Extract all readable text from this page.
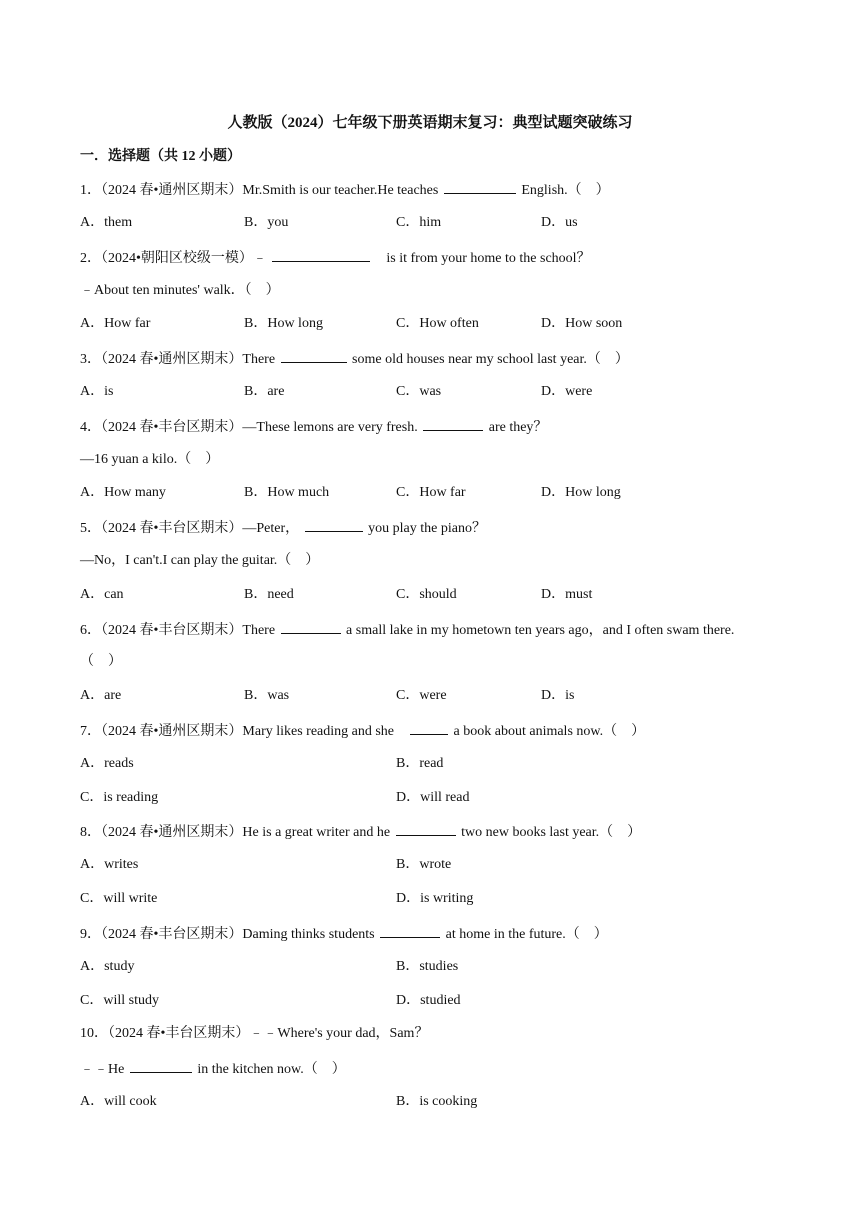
人教版（2024）七年级下册英语期末复习：典型试题突破练习
一．选择题（共 12 小题）
1．（2024 春•通州区期末）Mr.Smith is our teacher.He teaches	English.（　）
A．them	B．you	C．him	D．us
2．（2024•朝阳区校级一模）﹣	　is it from your home to the school？
﹣About ten minutes' walk．（　）
A．How far	B．How long	C．How often	D．How soon
3．（2024 春•通州区期末）There	some old houses near my school last year.（　）
A．is	B．are	C．was	D．were
4．（2024 春•丰台区期末）—These lemons are very fresh.	are they？
—16 yuan a kilo.（　）
A．How many	B．How much	C．How far	D．How long
5．（2024 春•丰台区期末）—Peter，	you play the piano？
—No，I can't.I can play the guitar.（　）
A．can	B．need	C．should	D．must
6．（2024 春•丰台区期末）There	a small lake in my hometown ten years ago，and I often swam there.
（　）
A．are	B．was	C．were	D．is
7．（2024 春•通州区期末）Mary likes reading and she　	a book about animals now.（　）
A．reads	B．read
C．is reading	D．will read
8．（2024 春•通州区期末）He is a great writer and he	two new books last year.（　）
A．writes	B．wrote
C．will write	D．is writing
9．（2024 春•丰台区期末）Daming thinks students	at home in the future.（　）
A．study	B．studies
C．will study	D．studied
10．（2024 春•丰台区期末）﹣﹣Where's your dad，Sam？
﹣﹣He	in the kitchen now.（　）
A．will cook	B．is cooking
